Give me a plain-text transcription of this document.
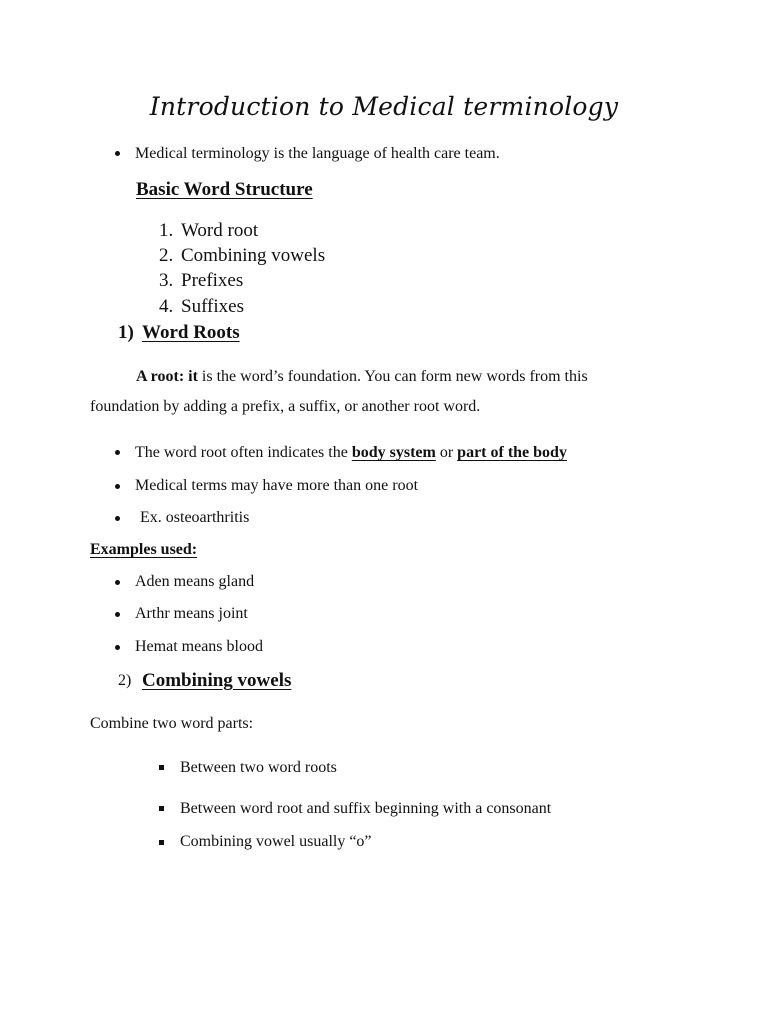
Introduction to Medical terminology
Medical terminology is the language of health care team.
Basic Word Structure
1. Word root
2. Combining vowels
3. Prefixes
4. Suffixes
1) Word Roots
A root: it is the word’s foundation. You can form new words from this
foundation by adding a prefix, a suffix, or another root word.
The word root often indicates the body system or part of the body
Medical terms may have more than one root
Ex. osteoarthritis
Examples used:
Aden means gland
Arthr means joint
Hemat means blood
2) Combining vowels
Combine two word parts:
Between two word roots
Between word root and suffix beginning with a consonant
Combining vowel usually “o”
